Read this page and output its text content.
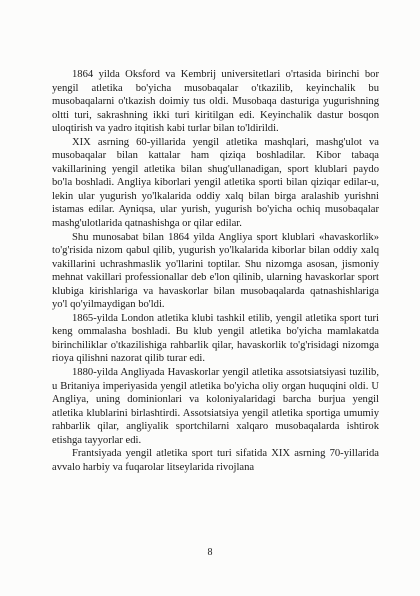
1864 yilda Oksford va Kembrij universitetlari o'rtasida birinchi bor yengil atletika bo'yicha musobaqalar o'tkazilib, keyinchalik bu musobaqalarni o'tkazish doimiy tus oldi. Musobaqa dasturiga yugurishning oltti turi, sakrashning ikki turi kiritilgan edi. Keyinchalik dastur bosqon uloqtirish va yadro itqitish kabi turlar bilan to'ldirildi.

XIX asrning 60-yillarida yengil atletika mashqlari, mashg'ulot va musobaqalar bilan kattalar ham qiziqa boshladilar. Kibor tabaqa vakillarining yengil atletika bilan shug'ullanadigan, sport klublari paydo bo'la boshladi. Angliya kiborlari yengil atletika sporti bilan qiziqar edilar-u, lekin ular yugurish yo'lkalarida oddiy xalq bilan birga aralashib yurishni istamas edilar. Ayniqsa, ular yurish, yugurish bo'yicha ochiq musobaqalar mashg'ulotlarida qatnashishga or qilar edilar.

Shu munosabat bilan 1864 yilda Angliya sport klublari «havaskorlik» to'g'risida nizom qabul qilib, yugurish yo'lkalarida kiborlar bilan oddiy xalq vakillarini uchrashmaslik yo'llarini toptilar. Shu nizomga asosan, jismoniy mehnat vakillari professionallar deb e'lon qilinib, ularning havaskorlar sport klubiga kirishlariga va havaskorlar bilan musobaqalarda qatnashishlariga yo'l qo'yilmaydigan bo'ldi.

1865-yilda London atletika klubi tashkil etilib, yengil atletika sport turi keng ommalasha boshladi. Bu klub yengil atletika bo'yicha mamlakatda birinchiliklar o'tkazilishiga rahbarlik qilar, havaskorlik to'g'risidagi nizomga rioya qilishni nazorat qilib turar edi.

1880-yilda Angliyada Havaskorlar yengil atletika assotsiatsiyasi tuzilib, u Britaniya imperiyasida yengil atletika bo'yicha oliy organ huquqini oldi. U Angliya, uning dominionlari va koloniyalaridagi barcha burjua yengil atletika klublarini birlashtirdi. Assotsiatsiya yengil atletika sportiga umumiy rahbarlik qilar, angliyalik sportchilarni xalqaro musobaqalarda ishtirok etishga tayyorlar edi.

Frantsiyada yengil atletika sport turi sifatida XIX asrning 70-yillarida avvalo harbiy va fuqarolar litseylarida rivojlana

8
